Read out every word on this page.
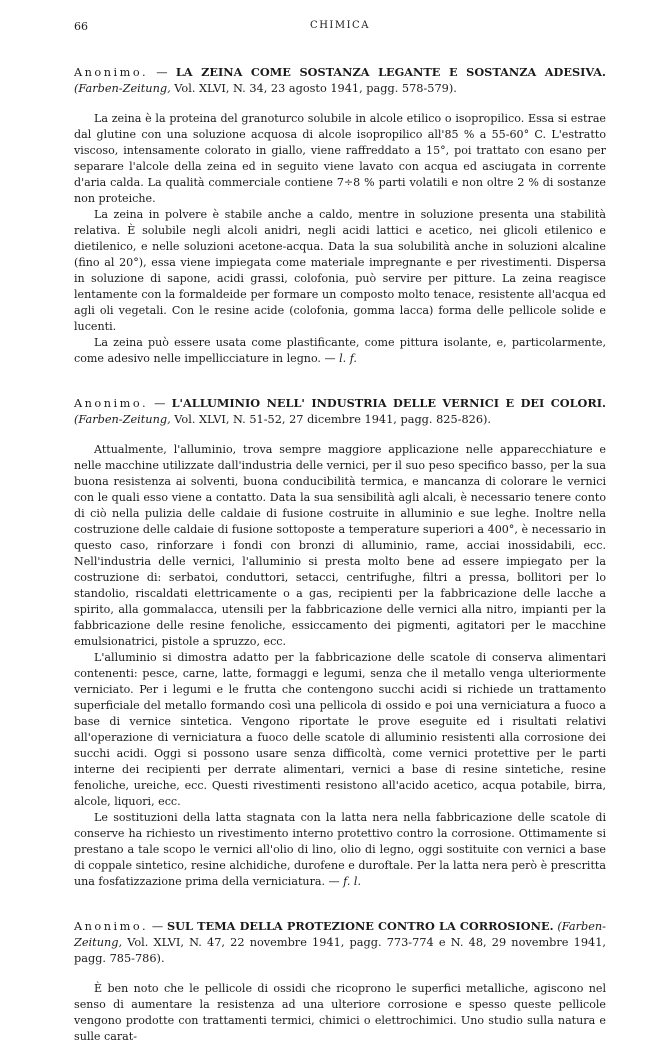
66	CHIMICA

Anonimo. — LA ZEINA COME SOSTANZA LEGANTE E SOSTANZA ADESIVA. (Farben-Zeitung, Vol. XLVI, N. 34, 23 agosto 1941, pagg. 578-579).

La zeina è la proteina del granoturco solubile in alcole etilico o isopropilico. Essa si estrae dal glutine con una soluzione acquosa di alcole isopropilico all'85 % a 55-60° C. L'estratto viscoso, intensamente colorato in giallo, viene raffreddato a 15°, poi trattato con esano per separare l'alcole della zeina ed in seguito viene lavato con acqua ed asciugata in corrente d'aria calda. La qualità commerciale contiene 7÷8 % parti volatili e non oltre 2 % di sostanze non proteiche.

La zeina in polvere è stabile anche a caldo, mentre in soluzione presenta una stabilità relativa. È solubile negli alcoli anidri, negli acidi lattici e acetico, nei glicoli etilenico e dietilenico, e nelle soluzioni acetone-acqua. Data la sua solubilità anche in soluzioni alcaline (fino al 20°), essa viene impiegata come materiale impregnante e per rivestimenti. Dispersa in soluzione di sapone, acidi grassi, colofonia, può servire per pitture. La zeina reagisce lentamente con la formaldeide per formare un composto molto tenace, resistente all'acqua ed agli oli vegetali. Con le resine acide (colofonia, gomma lacca) forma delle pellicole solide e lucenti.

La zeina può essere usata come plastificante, come pittura isolante, e, particolarmente, come adesivo nelle impellicciature in legno. — l. f.

Anonimo. — L'ALLUMINIO NELL' INDUSTRIA DELLE VERNICI E DEI COLORI. (Farben-Zeitung, Vol. XLVI, N. 51-52, 27 dicembre 1941, pagg. 825-826).

Attualmente, l'alluminio, trova sempre maggiore applicazione nelle apparecchiature e nelle macchine utilizzate dall'industria delle vernici, per il suo peso specifico basso, per la sua buona resistenza ai solventi, buona conducibilità termica, e mancanza di colorare le vernici con le quali esso viene a contatto. Data la sua sensibilità agli alcali, è necessario tenere conto di ciò nella pulizia delle caldaie di fusione costruite in alluminio e sue leghe. Inoltre nella costruzione delle caldaie di fusione sottoposte a temperature superiori a 400°, è necessario in questo caso, rinforzare i fondi con bronzi di alluminio, rame, acciai inossidabili, ecc. Nell'industria delle vernici, l'alluminio si presta molto bene ad essere impiegato per la costruzione di: serbatoi, conduttori, setacci, centrifughe, filtri a pressa, bollitori per lo standolio, riscaldati elettricamente o a gas, recipienti per la fabbricazione delle lacche a spirito, alla gommalacca, utensili per la fabbricazione delle vernici alla nitro, impianti per la fabbricazione delle resine fenoliche, essiccamento dei pigmenti, agitatori per le macchine emulsionatrici, pistole a spruzzo, ecc.

L'alluminio si dimostra adatto per la fabbricazione delle scatole di conserva alimentari contenenti: pesce, carne, latte, formaggi e legumi, senza che il metallo venga ulteriormente verniciato. Per i legumi e le frutta che contengono succhi acidi si richiede un trattamento superficiale del metallo formando così una pellicola di ossido e poi una verniciatura a fuoco a base di vernice sintetica. Vengono riportate le prove eseguite ed i risultati relativi all'operazione di verniciatura a fuoco delle scatole di alluminio resistenti alla corrosione dei succhi acidi. Oggi si possono usare senza difficoltà, come vernici protettive per le parti interne dei recipienti per derrate alimentari, vernici a base di resine sintetiche, resine fenoliche, ureiche, ecc. Questi rivestimenti resistono all'acido acetico, acqua potabile, birra, alcole, liquori, ecc.

Le sostituzioni della latta stagnata con la latta nera nella fabbricazione delle scatole di conserve ha richiesto un rivestimento interno protettivo contro la corrosione. Ottimamente si prestano a tale scopo le vernici all'olio di lino, olio di legno, oggi sostituite con vernici a base di coppale sintetico, resine alchidiche, durofene e duroftale. Per la latta nera però è prescritta una fosfatizzazione prima della verniciatura. — f. l.

Anonimo. — SUL TEMA DELLA PROTEZIONE CONTRO LA CORROSIONE. (Farben-Zeitung, Vol. XLVI, N. 47, 22 novembre 1941, pagg. 773-774 e N. 48, 29 novembre 1941, pagg. 785-786).

È ben noto che le pellicole di ossidi che ricoprono le superfici metalliche, agiscono nel senso di aumentare la resistenza ad una ulteriore corrosione e spesso queste pellicole vengono prodotte con trattamenti termici, chimici o elettrochimici. Uno studio sulla natura e sulle carat-
